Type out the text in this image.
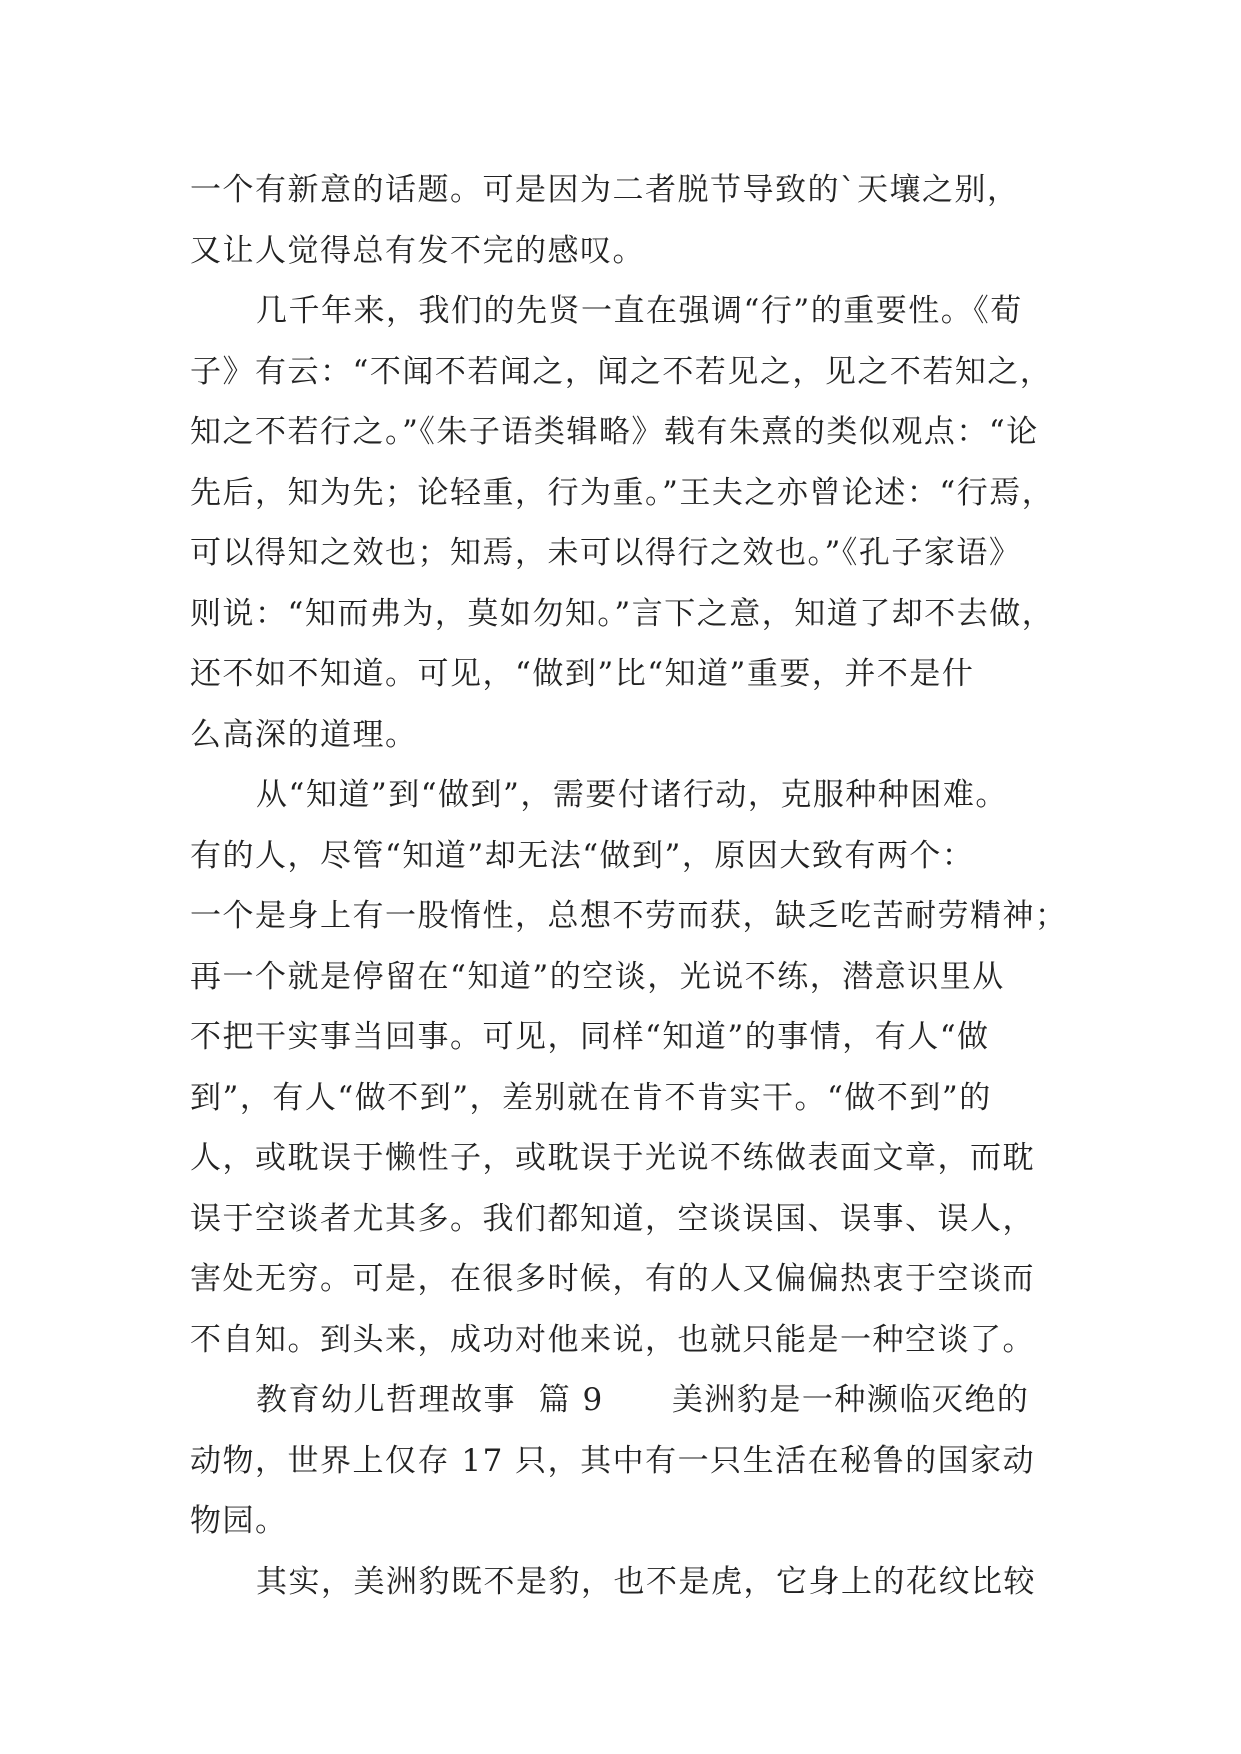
一个有新意的话题。可是因为二者脱节导致的`天壤之别，
又让人觉得总有发不完的感叹。

几千年来，我们的先贤一直在强调“行”的重要性。《荀
子》有云：“不闻不若闻之，闻之不若见之，见之不若知之，
知之不若行之。”《朱子语类辑略》载有朱熹的类似观点：“论
先后，知为先；论轻重，行为重。”王夫之亦曾论述：“行焉，
可以得知之效也；知焉，未可以得行之效也。”《孔子家语》
则说：“知而弗为，莫如勿知。”言下之意，知道了却不去做，
还不如不知道。可见，“做到”比“知道”重要，并不是什
么高深的道理。

从“知道”到“做到”，需要付诸行动，克服种种困难。
有的人，尽管“知道”却无法“做到”，原因大致有两个：
一个是身上有一股惰性，总想不劳而获，缺乏吃苦耐劳精神；
再一个就是停留在“知道”的空谈，光说不练，潜意识里从
不把干实事当回事。可见，同样“知道”的事情，有人“做
到”，有人“做不到”，差别就在肯不肯实干。“做不到”的
人，或耽误于懒性子，或耽误于光说不练做表面文章，而耽
误于空谈者尤其多。我们都知道，空谈误国、误事、误人，
害处无穷。可是，在很多时候，有的人又偏偏热衷于空谈而
不自知。到头来，成功对他来说，也就只能是一种空谈了。

教育幼儿哲理故事  篇 9      美洲豹是一种濒临灭绝的
动物，世界上仅存 17 只，其中有一只生活在秘鲁的国家动
物园。

其实，美洲豹既不是豹，也不是虎，它身上的花纹比较
